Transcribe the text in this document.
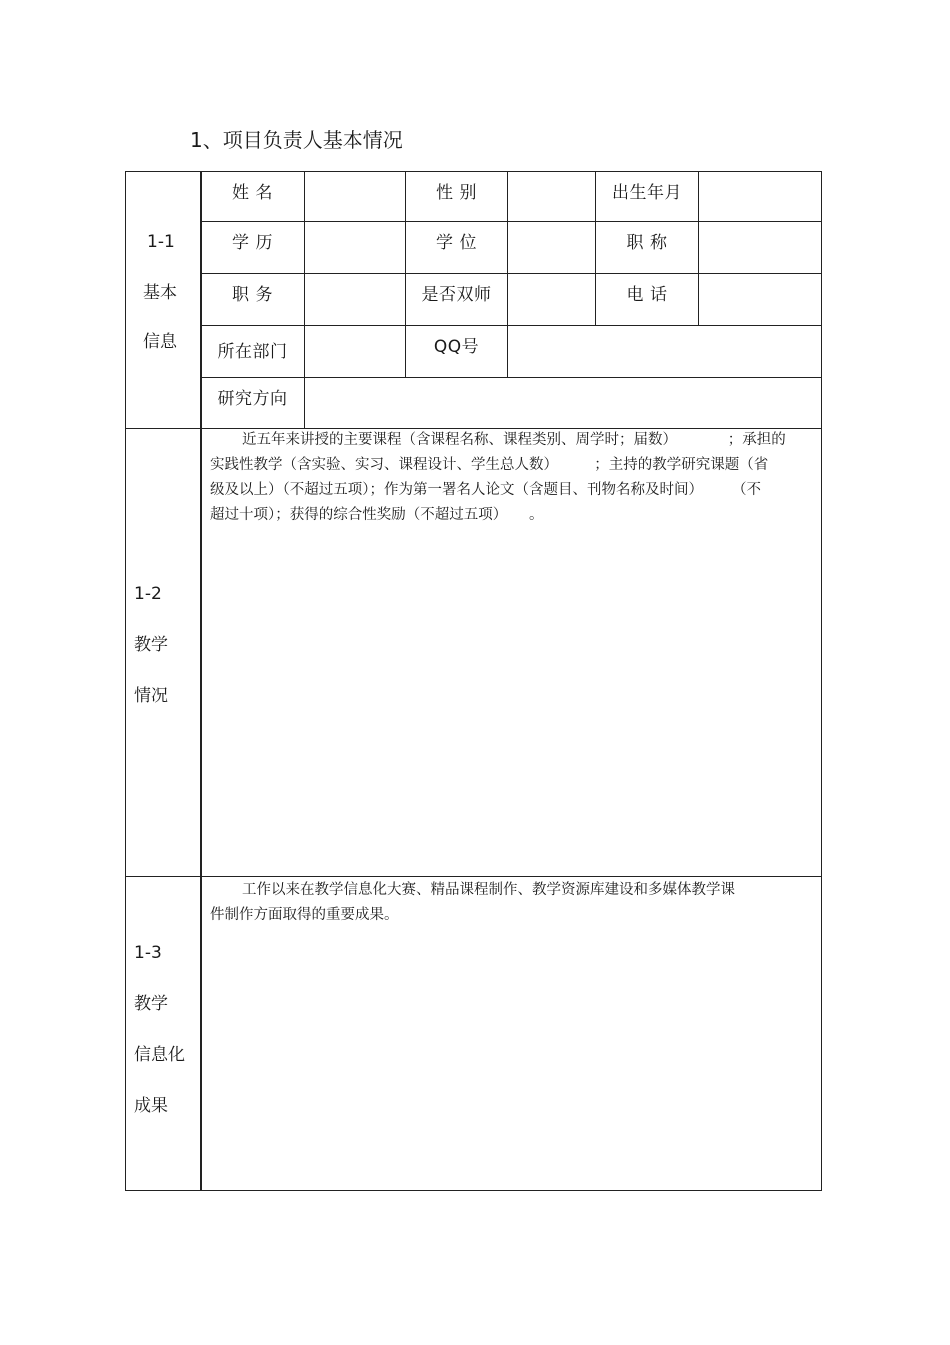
1、项目负责人基本情况
1-1
基本
信息
姓 名	性 别	出生年月
学 历	学 位	职 称
职 务	是否双师	电 话
所在部门	QQ号
研究方向
1-2
教学
情况

近五年来讲授的主要课程（含课程名称、课程类别、周学时；届数）　　　　；承担的

实践性教学（含实验、实习、课程设计、学生总人数）　　　；主持的教学研究课题（省

级及以上）（不超过五项）；作为第一署名人论文（含题目、刊物名称及时间）　　　（不

超过十项）；获得的综合性奖励（不超过五项）　　。

1-3
教学
信息化
成果

工作以来在教学信息化大赛、精品课程制作、教学资源库建设和多媒体教学课

件制作方面取得的重要成果。
